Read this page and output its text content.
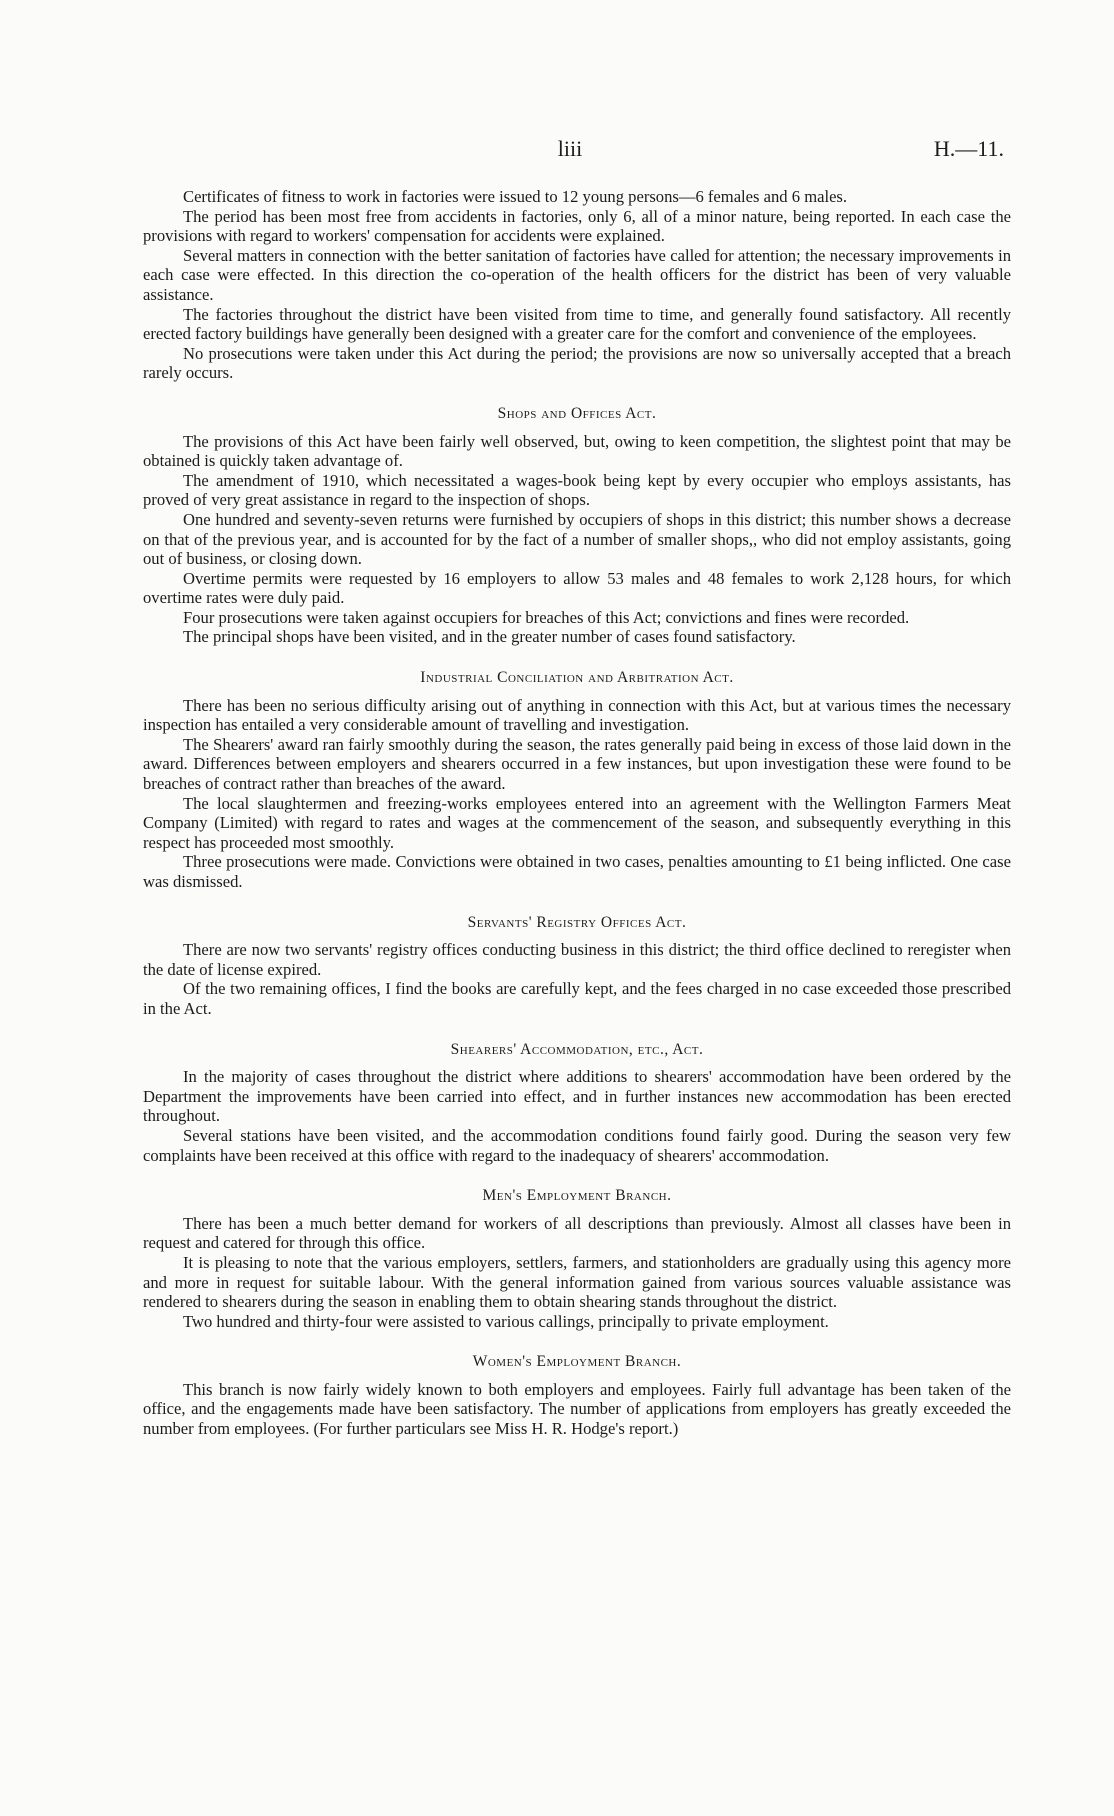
liii	H.—11.

Certificates of fitness to work in factories were issued to 12 young persons—6 females and 6 males.

The period has been most free from accidents in factories, only 6, all of a minor nature, being reported. In each case the provisions with regard to workers' compensation for accidents were explained.

Several matters in connection with the better sanitation of factories have called for attention; the necessary improvements in each case were effected. In this direction the co-operation of the health officers for the district has been of very valuable assistance.

The factories throughout the district have been visited from time to time, and generally found satisfactory. All recently erected factory buildings have generally been designed with a greater care for the comfort and convenience of the employees.

No prosecutions were taken under this Act during the period; the provisions are now so universally accepted that a breach rarely occurs.

Shops and Offices Act.

The provisions of this Act have been fairly well observed, but, owing to keen competition, the slightest point that may be obtained is quickly taken advantage of.

The amendment of 1910, which necessitated a wages-book being kept by every occupier who employs assistants, has proved of very great assistance in regard to the inspection of shops.

One hundred and seventy-seven returns were furnished by occupiers of shops in this district; this number shows a decrease on that of the previous year, and is accounted for by the fact of a number of smaller shops,, who did not employ assistants, going out of business, or closing down.

Overtime permits were requested by 16 employers to allow 53 males and 48 females to work 2,128 hours, for which overtime rates were duly paid.

Four prosecutions were taken against occupiers for breaches of this Act; convictions and fines were recorded.

The principal shops have been visited, and in the greater number of cases found satisfactory.

Industrial Conciliation and Arbitration Act.

There has been no serious difficulty arising out of anything in connection with this Act, but at various times the necessary inspection has entailed a very considerable amount of travelling and investigation.

The Shearers' award ran fairly smoothly during the season, the rates generally paid being in excess of those laid down in the award. Differences between employers and shearers occurred in a few instances, but upon investigation these were found to be breaches of contract rather than breaches of the award.

The local slaughtermen and freezing-works employees entered into an agreement with the Wellington Farmers Meat Company (Limited) with regard to rates and wages at the commencement of the season, and subsequently everything in this respect has proceeded most smoothly.

Three prosecutions were made. Convictions were obtained in two cases, penalties amounting to £1 being inflicted. One case was dismissed.

Servants' Registry Offices Act.

There are now two servants' registry offices conducting business in this district; the third office declined to reregister when the date of license expired.

Of the two remaining offices, I find the books are carefully kept, and the fees charged in no case exceeded those prescribed in the Act.

Shearers' Accommodation, etc., Act.

In the majority of cases throughout the district where additions to shearers' accommodation have been ordered by the Department the improvements have been carried into effect, and in further instances new accommodation has been erected throughout.

Several stations have been visited, and the accommodation conditions found fairly good. During the season very few complaints have been received at this office with regard to the inadequacy of shearers' accommodation.

Men's Employment Branch.

There has been a much better demand for workers of all descriptions than previously. Almost all classes have been in request and catered for through this office.

It is pleasing to note that the various employers, settlers, farmers, and stationholders are gradually using this agency more and more in request for suitable labour. With the general information gained from various sources valuable assistance was rendered to shearers during the season in enabling them to obtain shearing stands throughout the district.

Two hundred and thirty-four were assisted to various callings, principally to private employment.

Women's Employment Branch.

This branch is now fairly widely known to both employers and employees. Fairly full advantage has been taken of the office, and the engagements made have been satisfactory. The number of applications from employers has greatly exceeded the number from employees. (For further particulars see Miss H. R. Hodge's report.)
